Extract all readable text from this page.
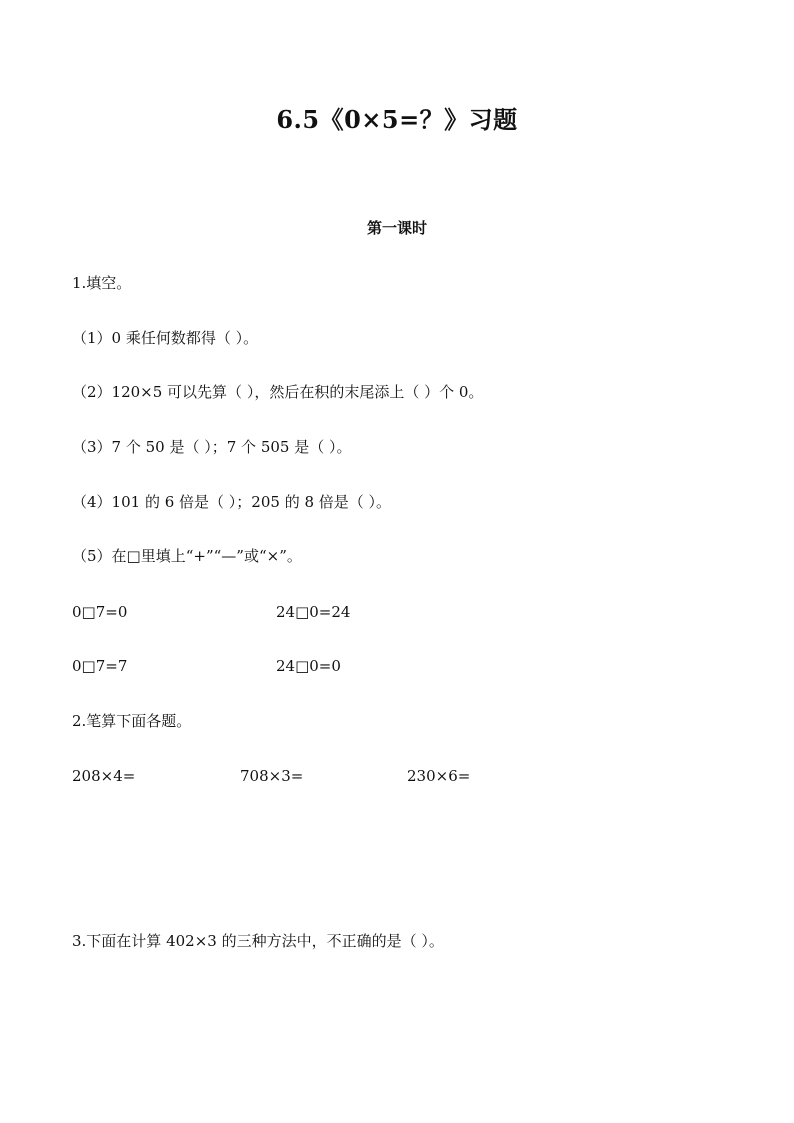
6.5《0×5=？》习题
第一课时
1.填空。
（1）0 乘任何数都得（ ）。
（2）120×5 可以先算（ ），然后在积的末尾添上（ ）个 0。
（3）7 个 50 是（ ）；7 个 505 是（ ）。
（4）101 的 6 倍是（ ）；205 的 8 倍是（ ）。
（5）在□里填上“+”“—”或“×”。
0□7=0	24□0=24
0□7=7	24□0=0
2.笔算下面各题。
208×4=	708×3=	230×6=
3.下面在计算 402×3 的三种方法中，不正确的是（ ）。
